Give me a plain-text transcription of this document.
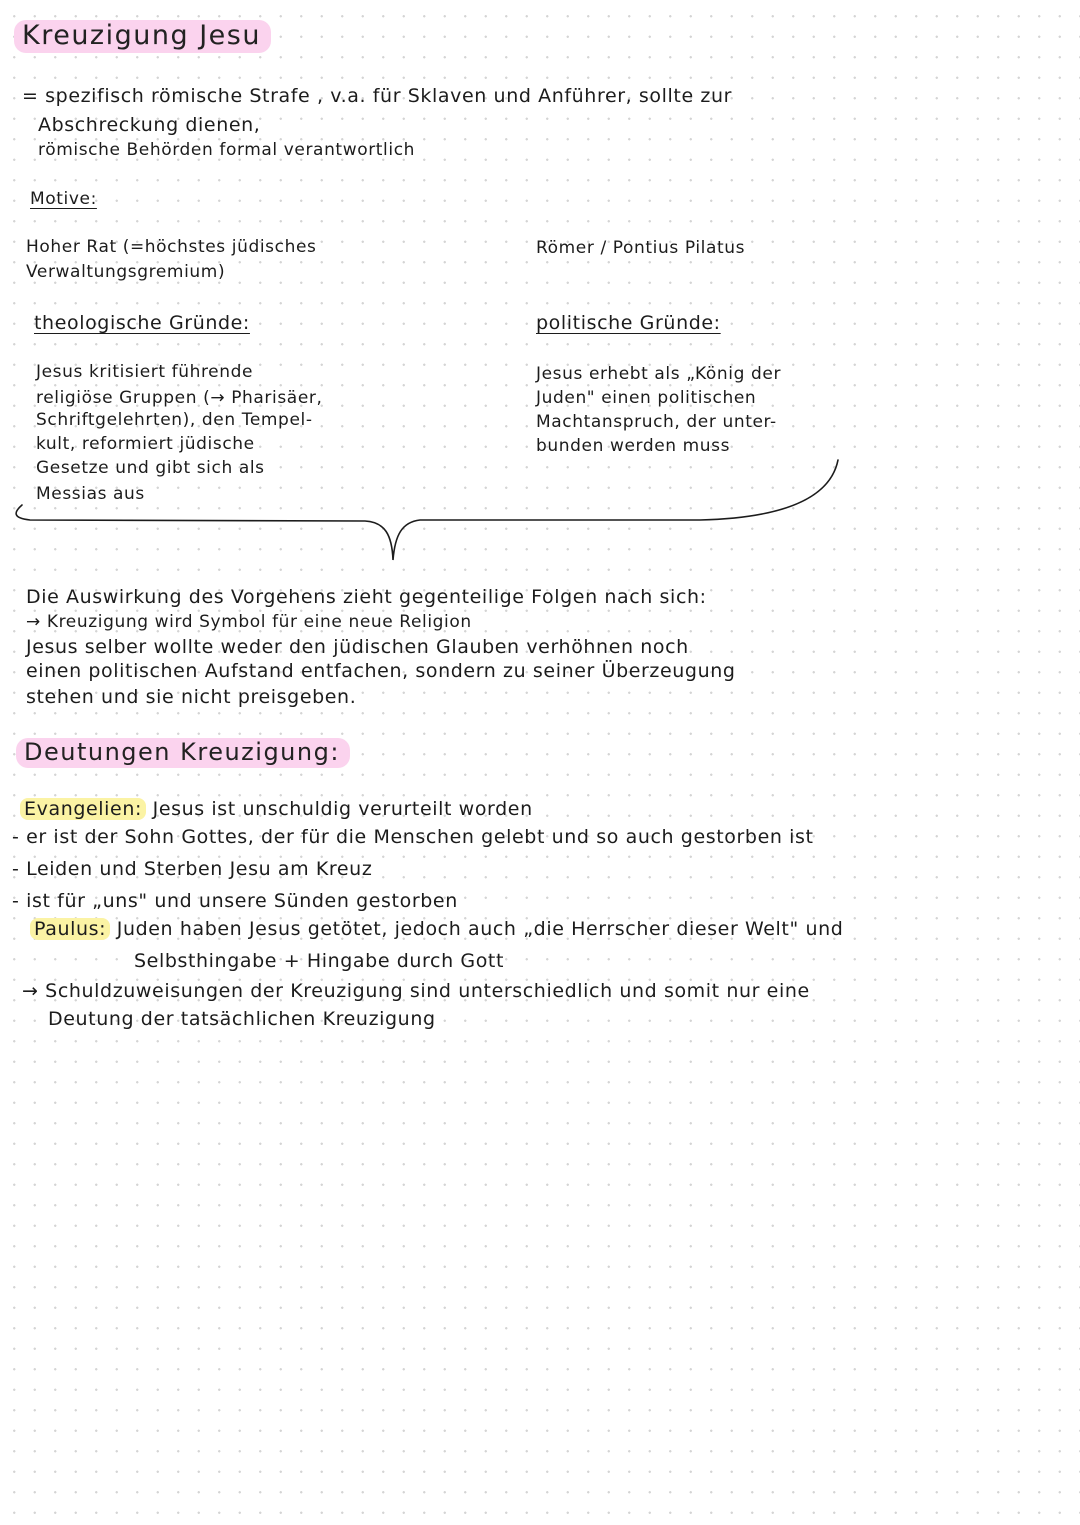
Kreuzigung Jesu
= spezifisch römische Strafe , v.a. für Sklaven und Anführer, sollte zur
Abschreckung dienen,
römische Behörden formal verantwortlich
Motive:
Hoher Rat (=höchstes jüdisches
Verwaltungsgremium)
theologische Gründe:
Jesus kritisiert führende
religiöse Gruppen (→ Pharisäer,
Schriftgelehrten), den Tempel-
kult, reformiert jüdische
Gesetze und gibt sich als
Messias aus
Römer / Pontius Pilatus
politische Gründe:
Jesus erhebt als „König der
Juden" einen politischen
Machtanspruch, der unter-
bunden werden muss
Die Auswirkung des Vorgehens zieht gegenteilige Folgen nach sich:
→ Kreuzigung wird Symbol für eine neue Religion
Jesus selber wollte weder den jüdischen Glauben verhöhnen noch
einen politischen Aufstand entfachen, sondern zu seiner Überzeugung
stehen und sie nicht preisgeben.
Deutungen Kreuzigung:
Evangelien: Jesus ist unschuldig verurteilt worden
- er ist der Sohn Gottes, der für die Menschen gelebt und so auch gestorben ist
- Leiden und Sterben Jesu am Kreuz
- ist für „uns" und unsere Sünden gestorben
Paulus: Juden haben Jesus getötet, jedoch auch „die Herrscher dieser Welt" und
Selbsthingabe + Hingabe durch Gott
→ Schuldzuweisungen der Kreuzigung sind unterschiedlich und somit nur eine
Deutung der tatsächlichen Kreuzigung
